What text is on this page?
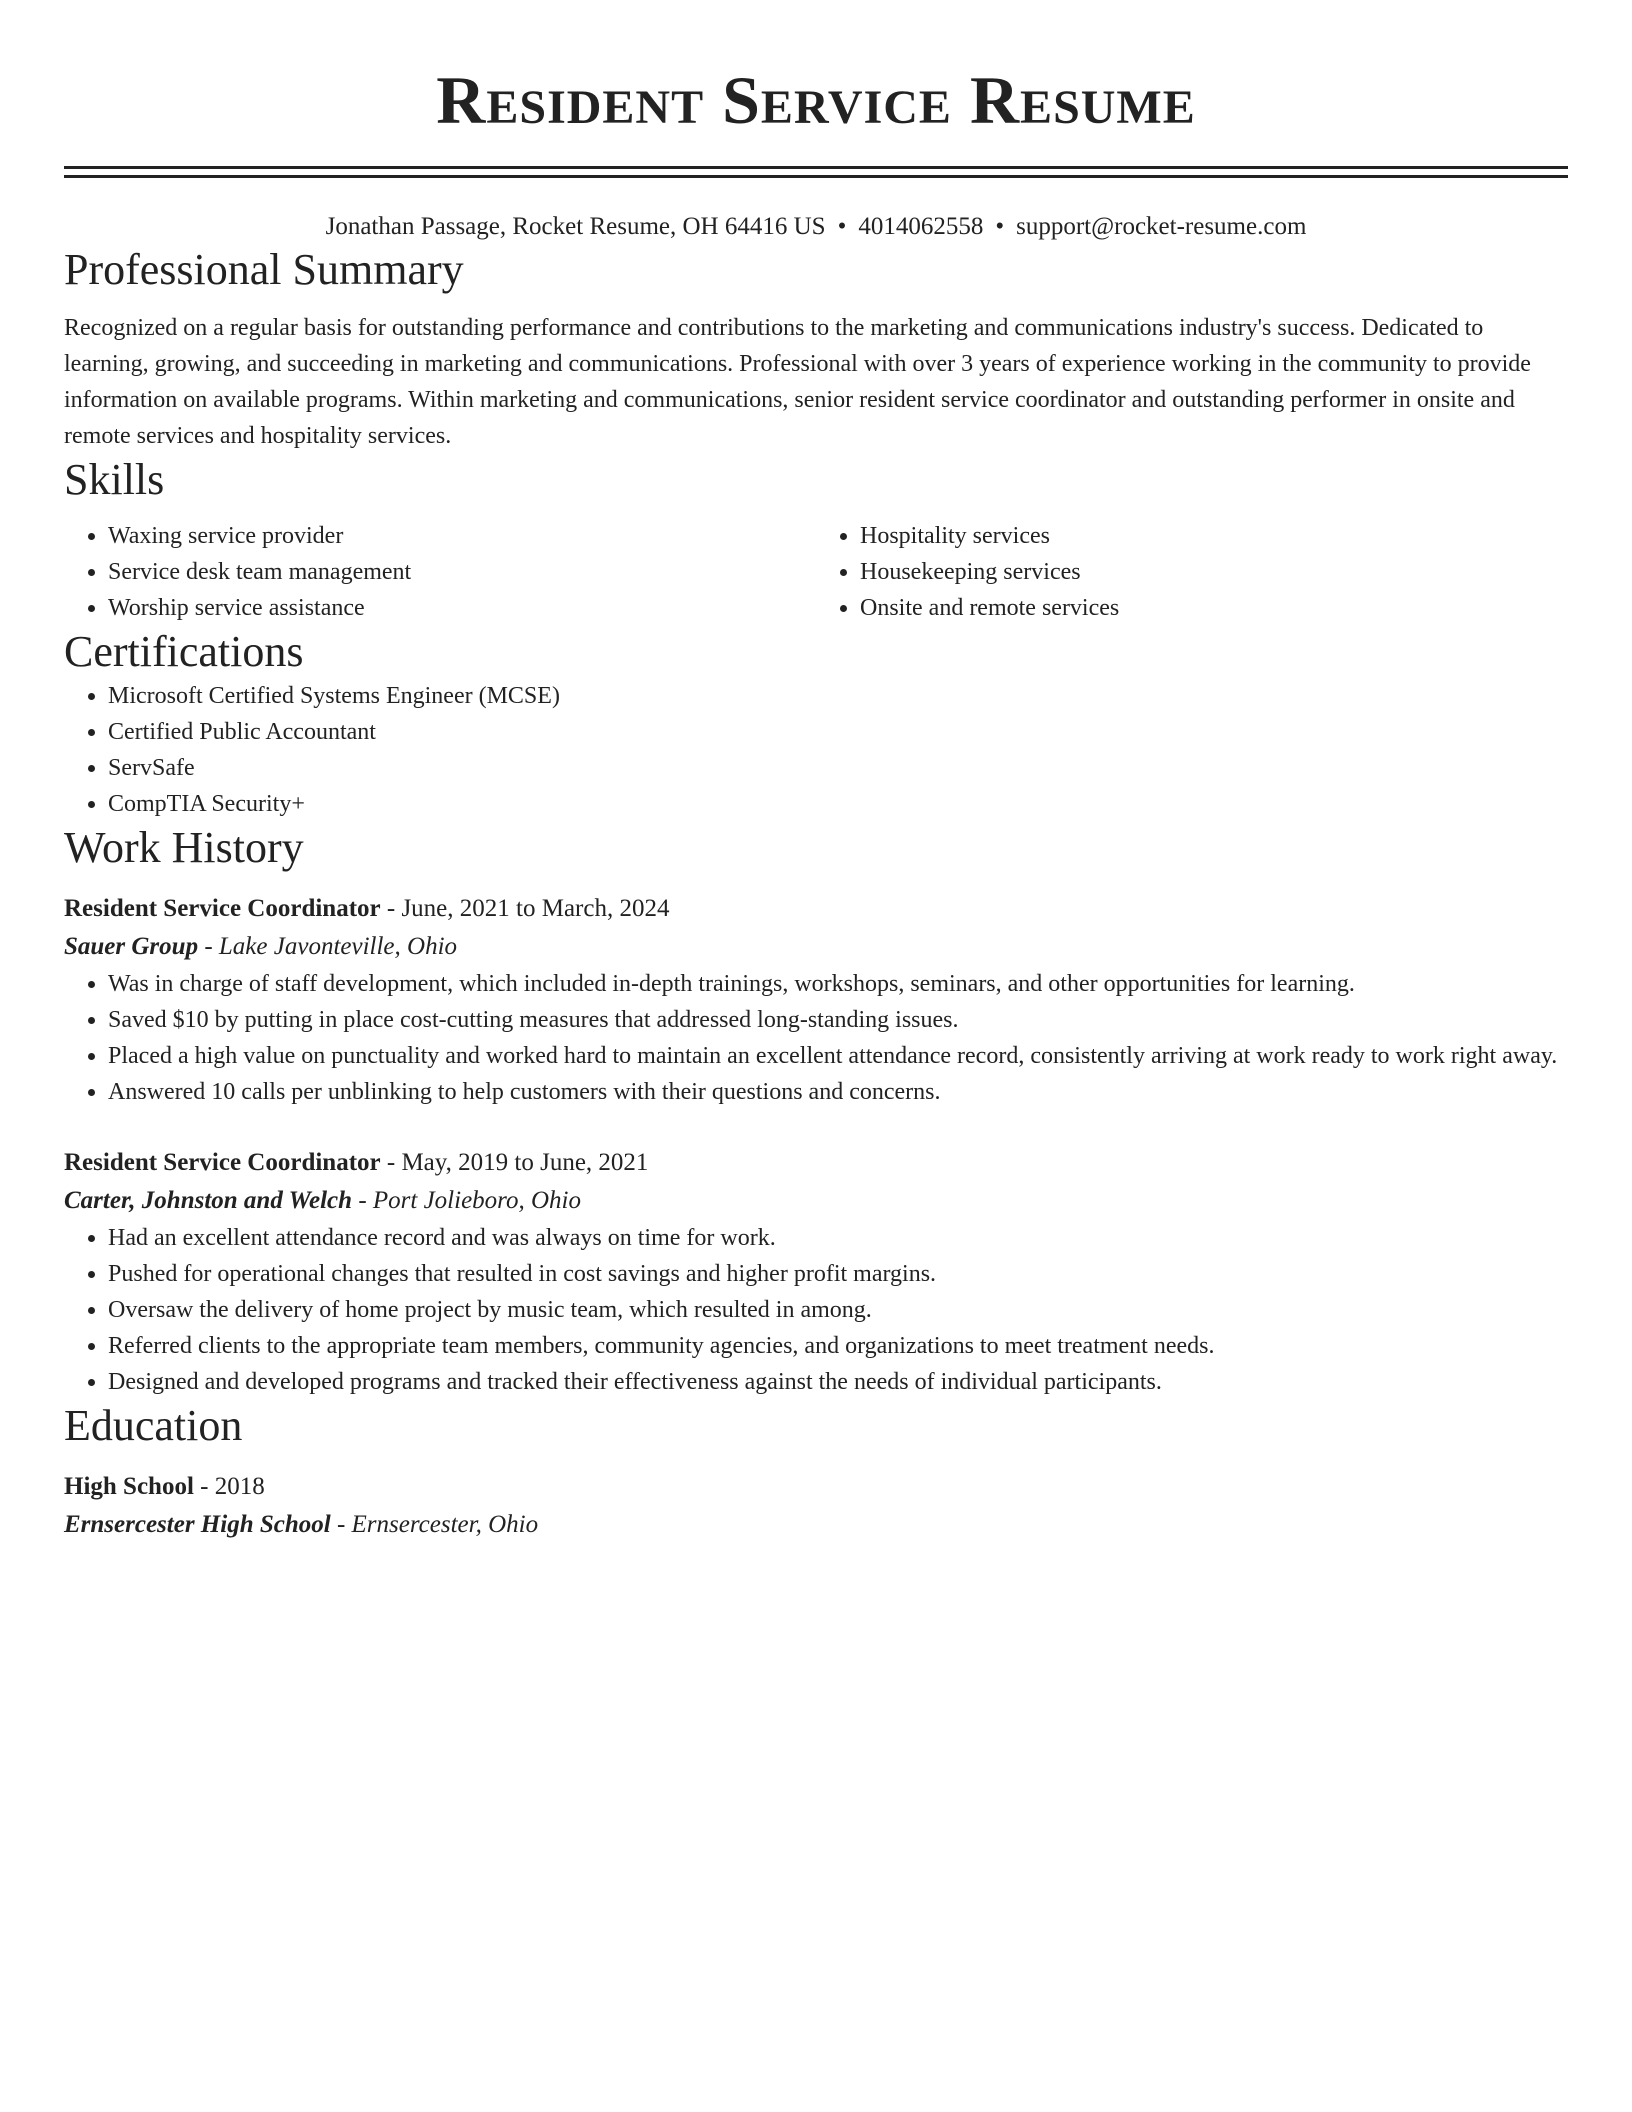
Resident Service Resume
Jonathan Passage, Rocket Resume, OH 64416 US • 4014062558 • support@rocket-resume.com
Professional Summary

Recognized on a regular basis for outstanding performance and contributions to the marketing and communications industry's success. Dedicated to learning, growing, and succeeding in marketing and communications. Professional with over 3 years of experience working in the community to provide information on available programs. Within marketing and communications, senior resident service coordinator and outstanding performer in onsite and remote services and hospitality services.

Skills
• Waxing service provider
• Service desk team management
• Worship service assistance
• Hospitality services
• Housekeeping services
• Onsite and remote services
Certifications
• Microsoft Certified Systems Engineer (MCSE)
• Certified Public Accountant
• ServSafe
• CompTIA Security+
Work History
Resident Service Coordinator - June, 2021 to March, 2024
Sauer Group - Lake Javonteville, Ohio
• Was in charge of staff development, which included in-depth trainings, workshops, seminars, and other opportunities for learning.
• Saved $10 by putting in place cost-cutting measures that addressed long-standing issues.
• Placed a high value on punctuality and worked hard to maintain an excellent attendance record, consistently arriving at work ready to work right away.
• Answered 10 calls per unblinking to help customers with their questions and concerns.
Resident Service Coordinator - May, 2019 to June, 2021
Carter, Johnston and Welch - Port Jolieboro, Ohio
• Had an excellent attendance record and was always on time for work.
• Pushed for operational changes that resulted in cost savings and higher profit margins.
• Oversaw the delivery of home project by music team, which resulted in among.
• Referred clients to the appropriate team members, community agencies, and organizations to meet treatment needs.
• Designed and developed programs and tracked their effectiveness against the needs of individual participants.
Education
High School - 2018
Ernsercester High School - Ernsercester, Ohio
